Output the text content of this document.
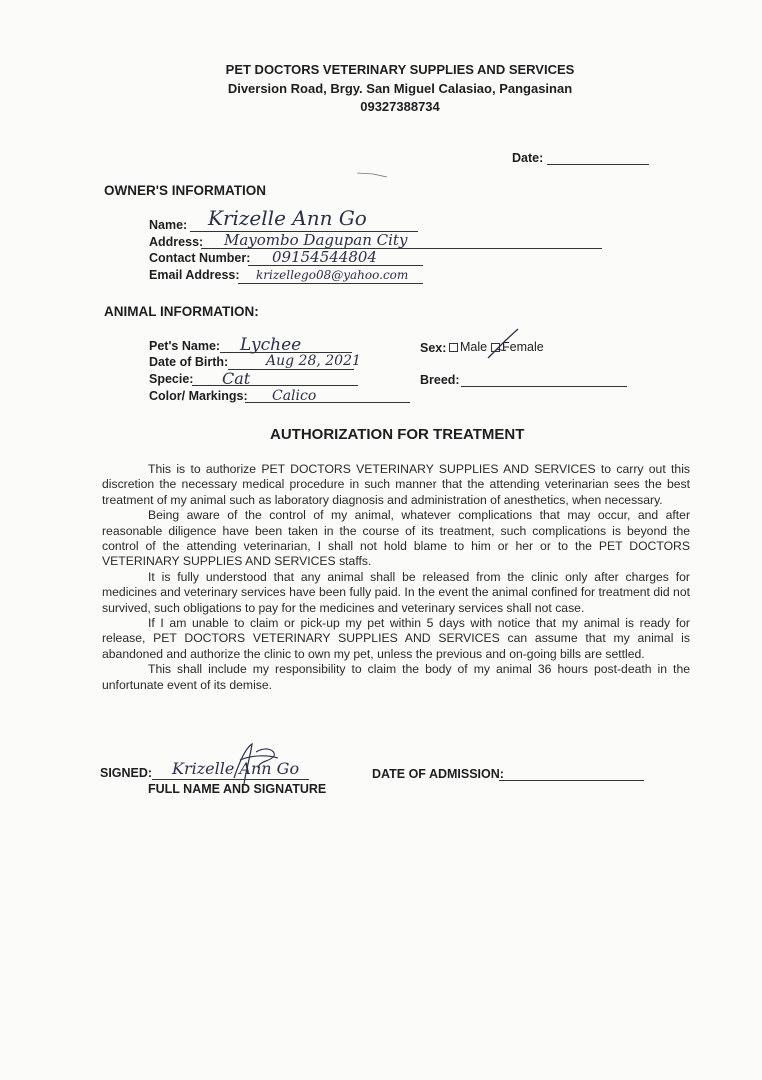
PET DOCTORS VETERINARY SUPPLIES AND SERVICES
Diversion Road, Brgy. San Miguel Calasiao, Pangasinan
09327388734
Date:
OWNER'S INFORMATION
Name: Krizelle Ann Go
Address: Mayombo Dagupan City
Contact Number: 09154544804
Email Address: krizellego08@yahoo.com
ANIMAL INFORMATION:
Pet's Name: Lychee
Date of Birth:	Aug 28, 2021
Specie: Cat
Color/ Markings: Calico
Sex: Male Female
Breed:
AUTHORIZATION FOR TREATMENT

This is to authorize PET DOCTORS VETERINARY SUPPLIES AND SERVICES to carry out this discretion the necessary medical procedure in such manner that the attending veterinarian sees the best treatment of my animal such as laboratory diagnosis and administration of anesthetics, when necessary.

Being aware of the control of my animal, whatever complications that may occur, and after reasonable diligence have been taken in the course of its treatment, such complications is beyond the control of the attending veterinarian, I shall not hold blame to him or her or to the PET DOCTORS VETERINARY SUPPLIES AND SERVICES staffs.

It is fully understood that any animal shall be released from the clinic only after charges for medicines and veterinary services have been fully paid. In the event the animal confined for treatment did not survived, such obligations to pay for the medicines and veterinary services shall not case.

If I am unable to claim or pick-up my pet within 5 days with notice that my animal is ready for release, PET DOCTORS VETERINARY SUPPLIES AND SERVICES can assume that my animal is abandoned and authorize the clinic to own my pet, unless the previous and on-going bills are settled.

This shall include my responsibility to claim the body of my animal 36 hours post-death in the unfortunate event of its demise.

SIGNED: Krizelle Ann Go
FULL NAME AND SIGNATURE
DATE OF ADMISSION:
